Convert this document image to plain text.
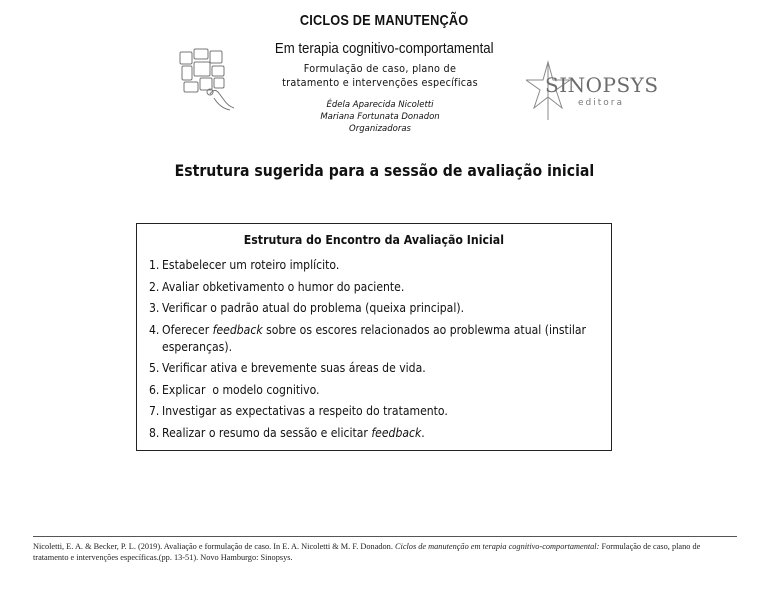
CICLOS DE MANUTENÇÃO
Em terapia cognitivo-comportamental
Formulação de caso, plano de
tratamento e intervenções específicas
Édela Aparecida Nicoletti
Mariana Fortunata Donadon
Organizadoras
SINOPSYS
editora
Estrutura sugerida para a sessão de avaliação inicial
Estrutura do Encontro da Avaliação Inicial
1. Estabelecer um roteiro implícito.
2. Avaliar obketivamento o humor do paciente.
3. Verificar o padrão atual do problema (queixa principal).
4. Oferecer feedback sobre os escores relacionados ao problewma atual (instilar
esperanças).
5. Verificar ativa e brevemente suas áreas de vida.
6. Explicar  o modelo cognitivo.
7. Investigar as expectativas a respeito do tratamento.
8. Realizar o resumo da sessão e elicitar feedback.
Nicoletti, E. A. & Becker, P. L. (2019). Avaliação e formulação de caso. In E. A. Nicoletti & M. F. Donadon. Ciclos de manutenção em terapia cognitivo-comportamental: Formulação de caso, plano de tratamento e intervenções específicas.(pp. 13-51). Novo Hamburgo: Sinopsys.
